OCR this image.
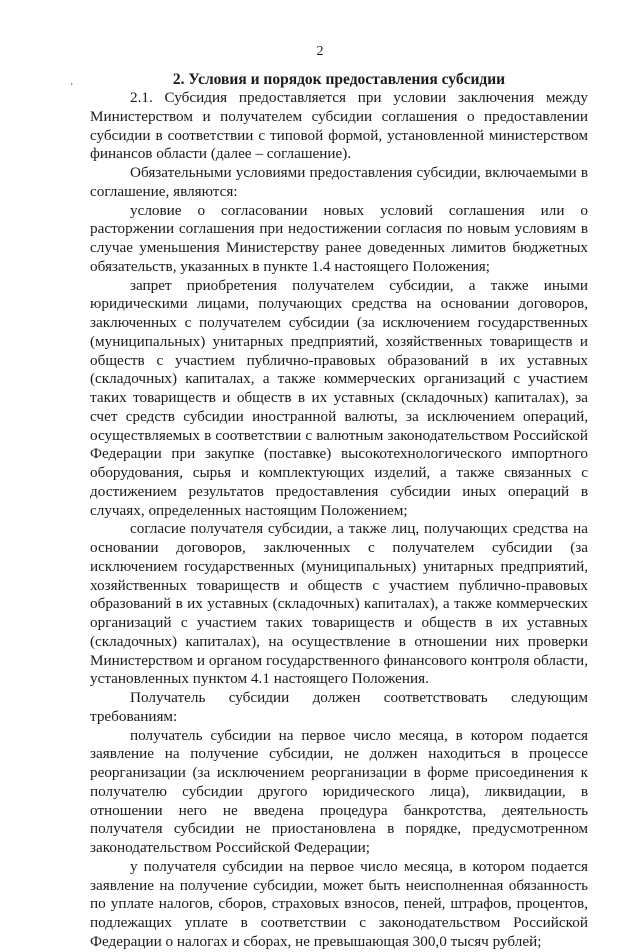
2
ʼ	2. Условия и порядок предоставления субсидии

2.1. Субсидия предоставляется при условии заключения между Министерством и получателем субсидии соглашения о предоставлении субсидии в соответствии с типовой формой, установленной министерством финансов области (далее – соглашение).

Обязательными условиями предоставления субсидии, включаемыми в соглашение, являются:

условие о согласовании новых условий соглашения или о расторжении соглашения при недостижении согласия по новым условиям в случае уменьшения Министерству ранее доведенных лимитов бюджетных обязательств, указанных в пункте 1.4 настоящего Положения;

запрет приобретения получателем субсидии, а также иными юридическими лицами, получающих средства на основании договоров, заключенных с получателем субсидии (за исключением государственных (муниципальных) унитарных предприятий, хозяйственных товариществ и обществ с участием публично-правовых образований в их уставных (складочных) капиталах, а также коммерческих организаций с участием таких товариществ и обществ в их уставных (складочных) капиталах), за счет средств субсидии иностранной валюты, за исключением операций, осуществляемых в соответствии с валютным законодательством Российской Федерации при закупке (поставке) высокотехнологического импортного оборудования, сырья и комплектующих изделий, а также связанных с достижением результатов предоставления субсидии иных операций в случаях, определенных настоящим Положением;

согласие получателя субсидии, а также лиц, получающих средства на основании договоров, заключенных с получателем субсидии (за исключением государственных (муниципальных) унитарных предприятий, хозяйственных товариществ и обществ с участием публично-правовых образований в их уставных (складочных) капиталах), а также коммерческих организаций с участием таких товариществ и обществ в их уставных (складочных) капиталах), на осуществление в отношении них проверки Министерством и органом государственного финансового контроля области, установленных пунктом 4.1 настоящего Положения.

Получатель субсидии должен соответствовать следующим требованиям:

получатель субсидии на первое число месяца, в котором подается заявление на получение субсидии, не должен находиться в процессе реорганизации (за исключением реорганизации в форме присоединения к получателю субсидии другого юридического лица), ликвидации, в отношении него не введена процедура банкротства, деятельность получателя субсидии не приостановлена в порядке, предусмотренном законодательством Российской Федерации;

у получателя субсидии на первое число месяца, в котором подается заявление на получение субсидии, может быть неисполненная обязанность по уплате налогов, сборов, страховых взносов, пеней, штрафов, процентов, подлежащих уплате в соответствии с законодательством Российской Федерации о налогах и сборах, не превышающая 300,0 тысяч рублей;
